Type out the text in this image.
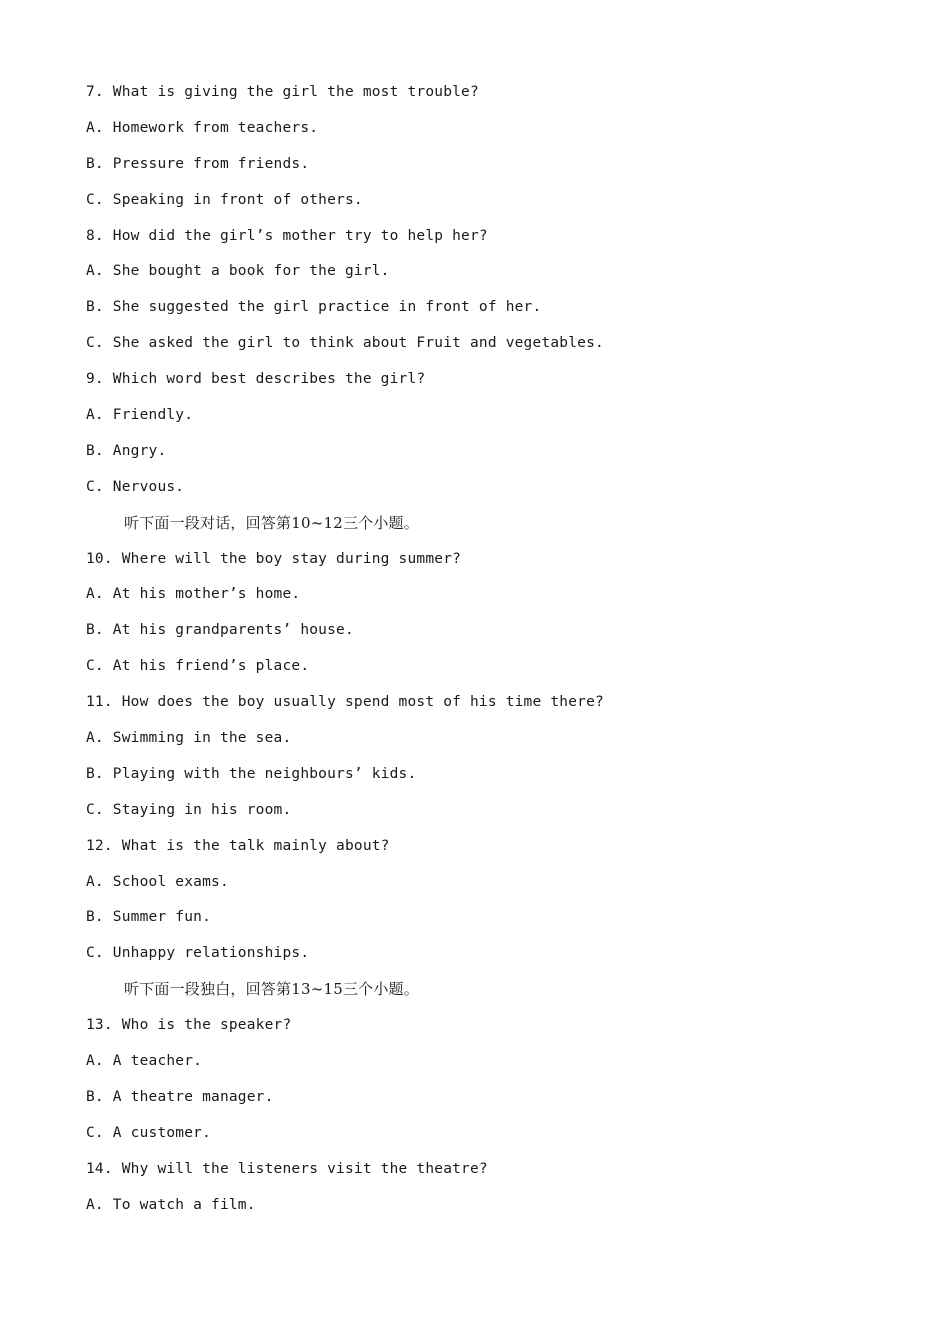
7. What is giving the girl the most trouble?
A. Homework from teachers.
B. Pressure from friends.
C. Speaking in front of others.
8. How did the girl’s mother try to help her?
A. She bought a book for the girl.
B. She suggested the girl practice in front of her.
C. She asked the girl to think about Fruit and vegetables.
9. Which word best describes the girl?
A. Friendly.
B. Angry.
C. Nervous.
听下面一段对话，回答第10~12三个小题。
10. Where will the boy stay during summer?
A. At his mother’s home.
B. At his grandparents’ house.
C. At his friend’s place.
11. How does the boy usually spend most of his time there?
A. Swimming in the sea.
B. Playing with the neighbours’ kids.
C. Staying in his room.
12. What is the talk mainly about?
A. School exams.
B. Summer fun.
C. Unhappy relationships.
听下面一段独白，回答第13~15三个小题。
13. Who is the speaker?
A. A teacher.
B. A theatre manager.
C. A customer.
14. Why will the listeners visit the theatre?
A. To watch a film.
